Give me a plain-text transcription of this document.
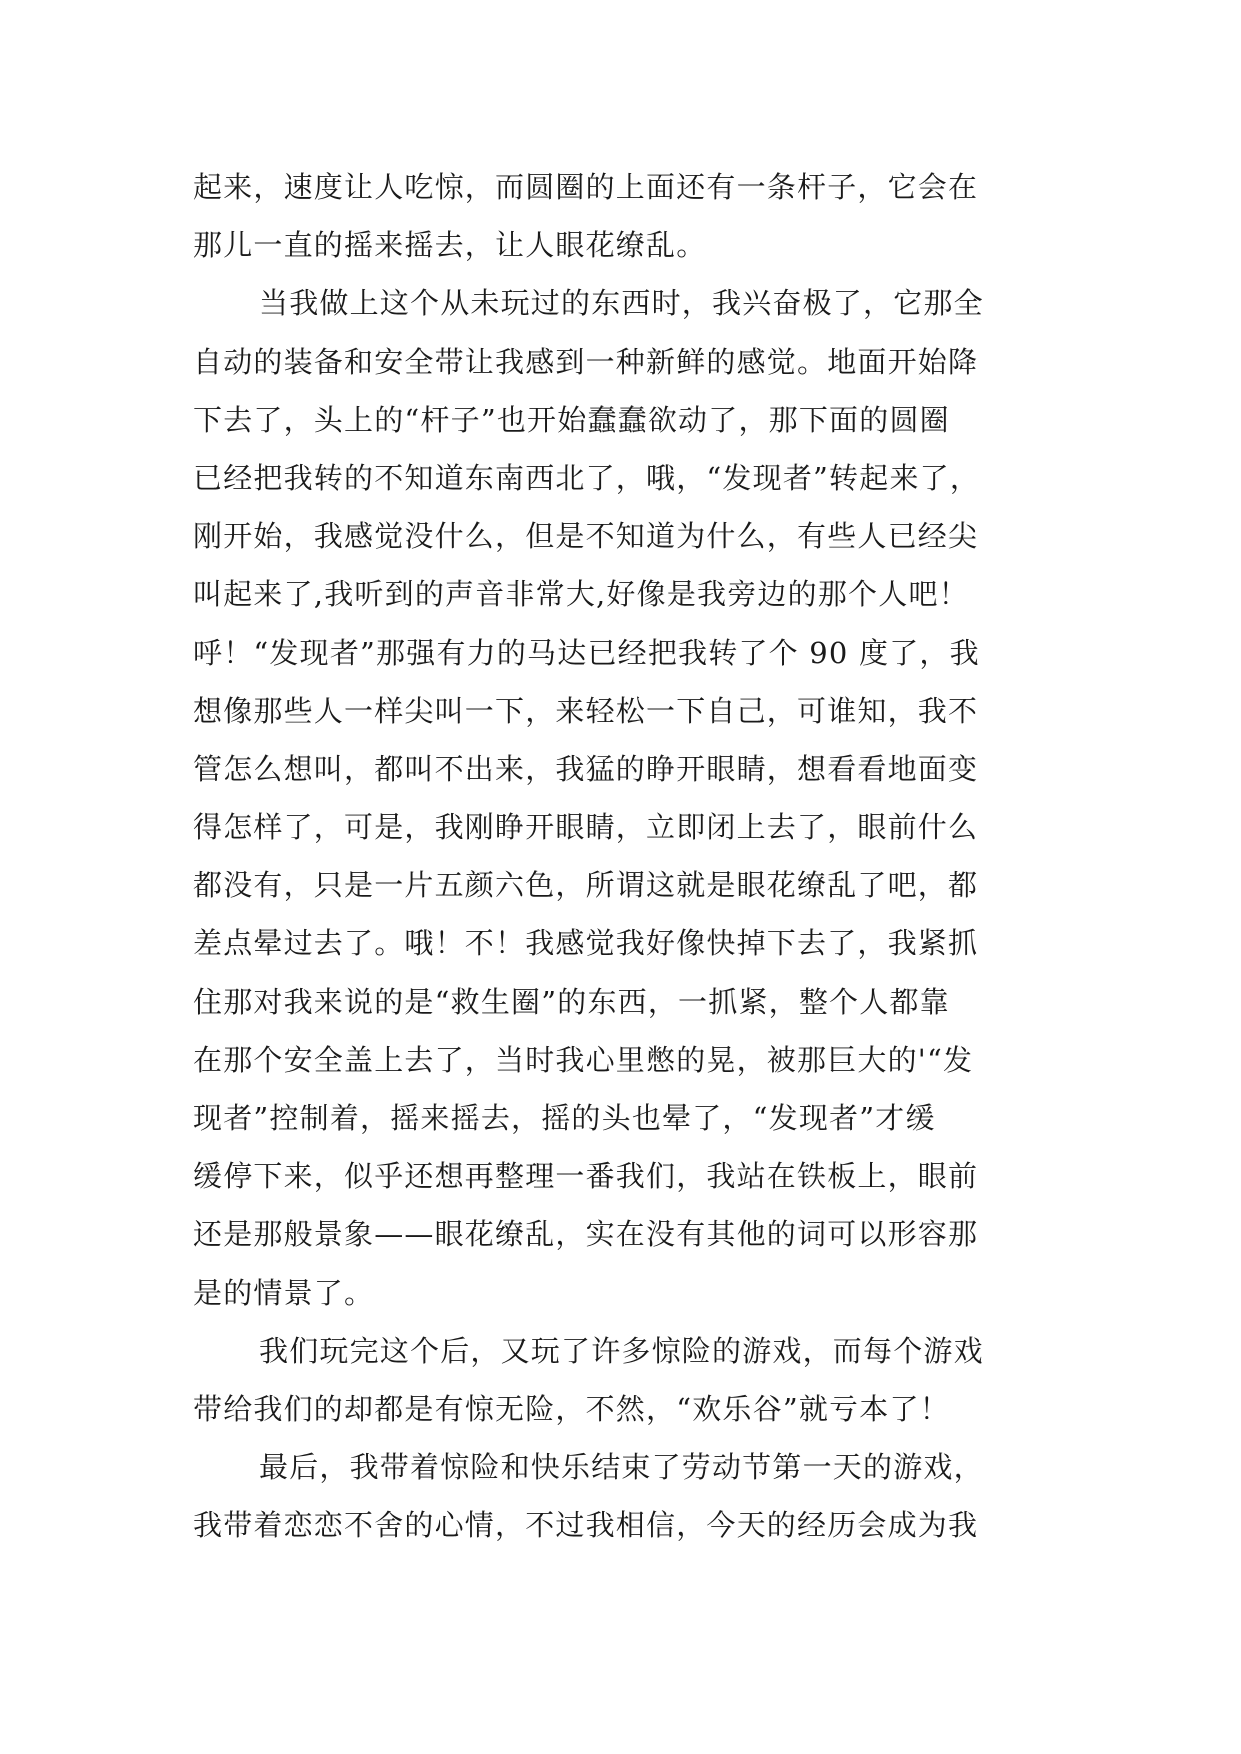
起来，速度让人吃惊，而圆圈的上面还有一条杆子，它会在
那儿一直的摇来摇去，让人眼花缭乱。
当我做上这个从未玩过的东西时，我兴奋极了，它那全
自动的装备和安全带让我感到一种新鲜的感觉。地面开始降
下去了，头上的“杆子”也开始蠢蠢欲动了，那下面的圆圈
已经把我转的不知道东南西北了，哦，“发现者”转起来了，
刚开始，我感觉没什么，但是不知道为什么，有些人已经尖
叫起来了,我听到的声音非常大,好像是我旁边的那个人吧！
呼！“发现者”那强有力的马达已经把我转了个 90 度了，我
想像那些人一样尖叫一下，来轻松一下自己，可谁知，我不
管怎么想叫，都叫不出来，我猛的睁开眼睛，想看看地面变
得怎样了，可是，我刚睁开眼睛，立即闭上去了，眼前什么
都没有，只是一片五颜六色，所谓这就是眼花缭乱了吧，都
差点晕过去了。哦！不！我感觉我好像快掉下去了，我紧抓
住那对我来说的是“救生圈”的东西，一抓紧，整个人都靠
在那个安全盖上去了，当时我心里憋的晃，被那巨大的'“发
现者”控制着，摇来摇去，摇的头也晕了，“发现者”才缓
缓停下来，似乎还想再整理一番我们，我站在铁板上，眼前
还是那般景象——眼花缭乱，实在没有其他的词可以形容那
是的情景了。
我们玩完这个后，又玩了许多惊险的游戏，而每个游戏
带给我们的却都是有惊无险，不然，“欢乐谷”就亏本了！
最后，我带着惊险和快乐结束了劳动节第一天的游戏，
我带着恋恋不舍的心情，不过我相信，今天的经历会成为我
